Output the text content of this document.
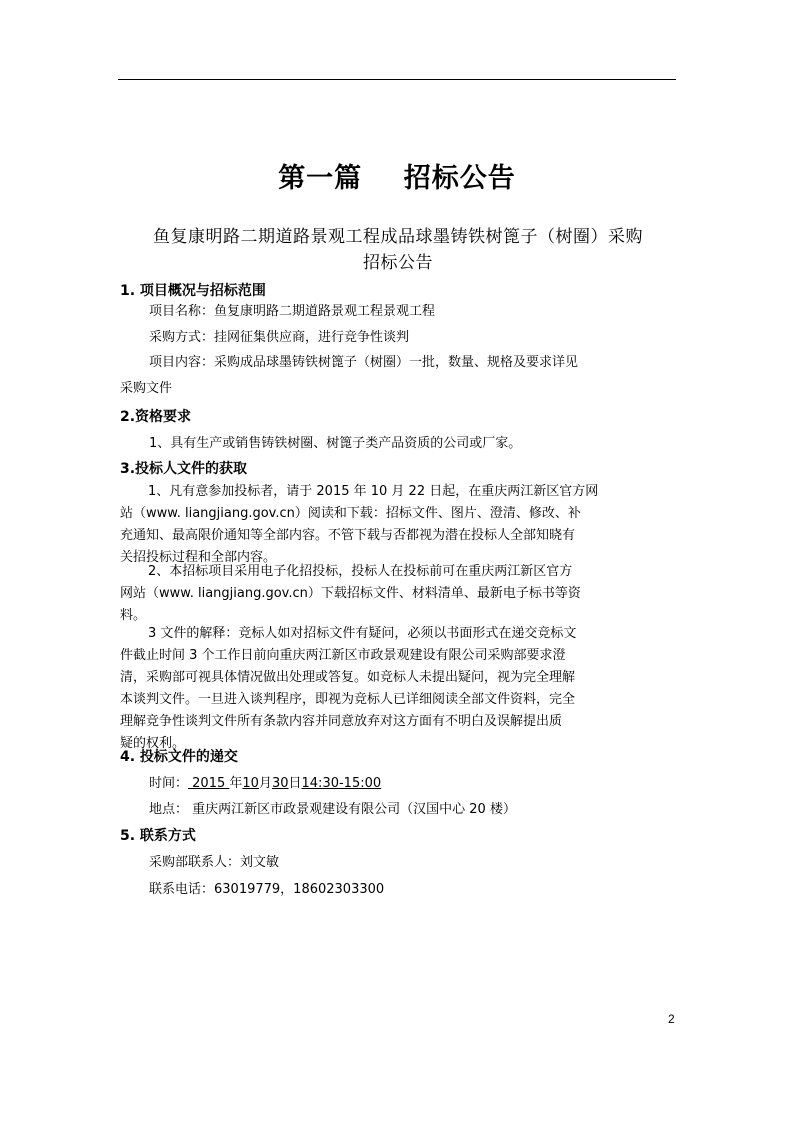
第一篇    招标公告
鱼复康明路二期道路景观工程成品球墨铸铁树篦子（树圈）采购
招标公告
1. 项目概况与招标范围
项目名称：鱼复康明路二期道路景观工程景观工程
采购方式：挂网征集供应商，进行竞争性谈判
项目内容：采购成品球墨铸铁树篦子（树圈）一批，数量、规格及要求详见
采购文件
2.资格要求
1、具有生产或销售铸铁树圈、树篦子类产品资质的公司或厂家。
3.投标人文件的获取
1、凡有意参加投标者，请于 2015 年 10 月 22 日起，在重庆两江新区官方网
站（www. liangjiang.gov.cn）阅读和下载：招标文件、图片、澄清、修改、补
充通知、最高限价通知等全部内容。不管下载与否都视为潜在投标人全部知晓有
关招投标过程和全部内容。
2、本招标项目采用电子化招投标，投标人在投标前可在重庆两江新区官方
网站（www. liangjiang.gov.cn）下载招标文件、材料清单、最新电子标书等资
料。
3 文件的解释：竞标人如对招标文件有疑问，必须以书面形式在递交竞标文
件截止时间 3 个工作日前向重庆两江新区市政景观建设有限公司采购部要求澄
清，采购部可视具体情况做出处理或答复。如竞标人未提出疑问，视为完全理解
本谈判文件。一旦进入谈判程序，即视为竞标人已详细阅读全部文件资料，完全
理解竞争性谈判文件所有条款内容并同意放弃对这方面有不明白及误解提出质
疑的权利。
4. 投标文件的递交
时间： 2015 年10月30日14:30-15:00
地点： 重庆两江新区市政景观建设有限公司（汉国中心 20 楼）
5. 联系方式
采购部联系人：刘文敏
联系电话：63019779，18602303300
2
